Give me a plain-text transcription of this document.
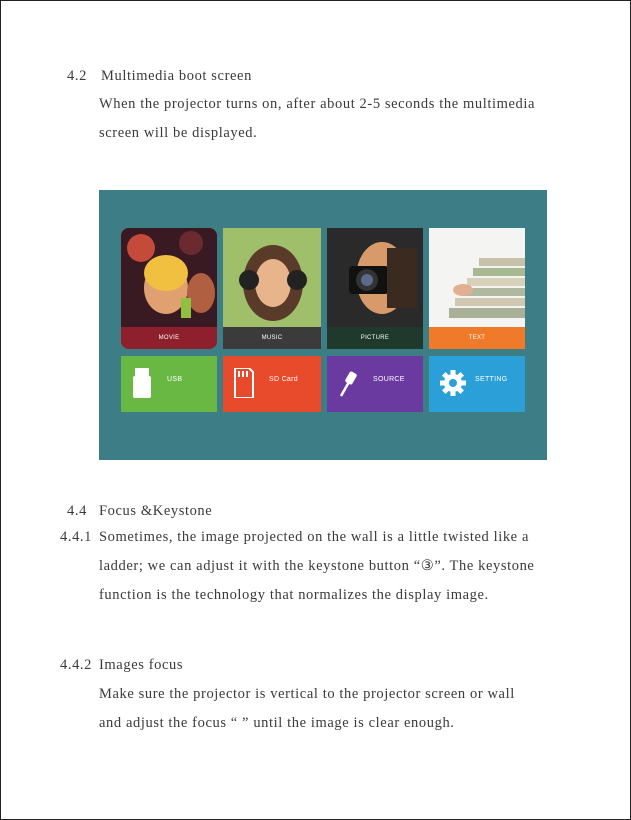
4.2 Multimedia boot screen
When the projector turns on, after about 2-5 seconds the multimedia
screen will be displayed.
MOVIE	MUSIC	PICTURE	TEXT
USB	SD Card	SOURCE	SETTING
4.4 Focus &Keystone
4.4.1 Sometimes, the image projected on the wall is a little twisted like a
ladder; we can adjust it with the keystone button “③”. The keystone
function is the technology that normalizes the display image.
4.4.2 Images focus
Make sure the projector is vertical to the projector screen or wall
and adjust the focus “ ” until the image is clear enough.
